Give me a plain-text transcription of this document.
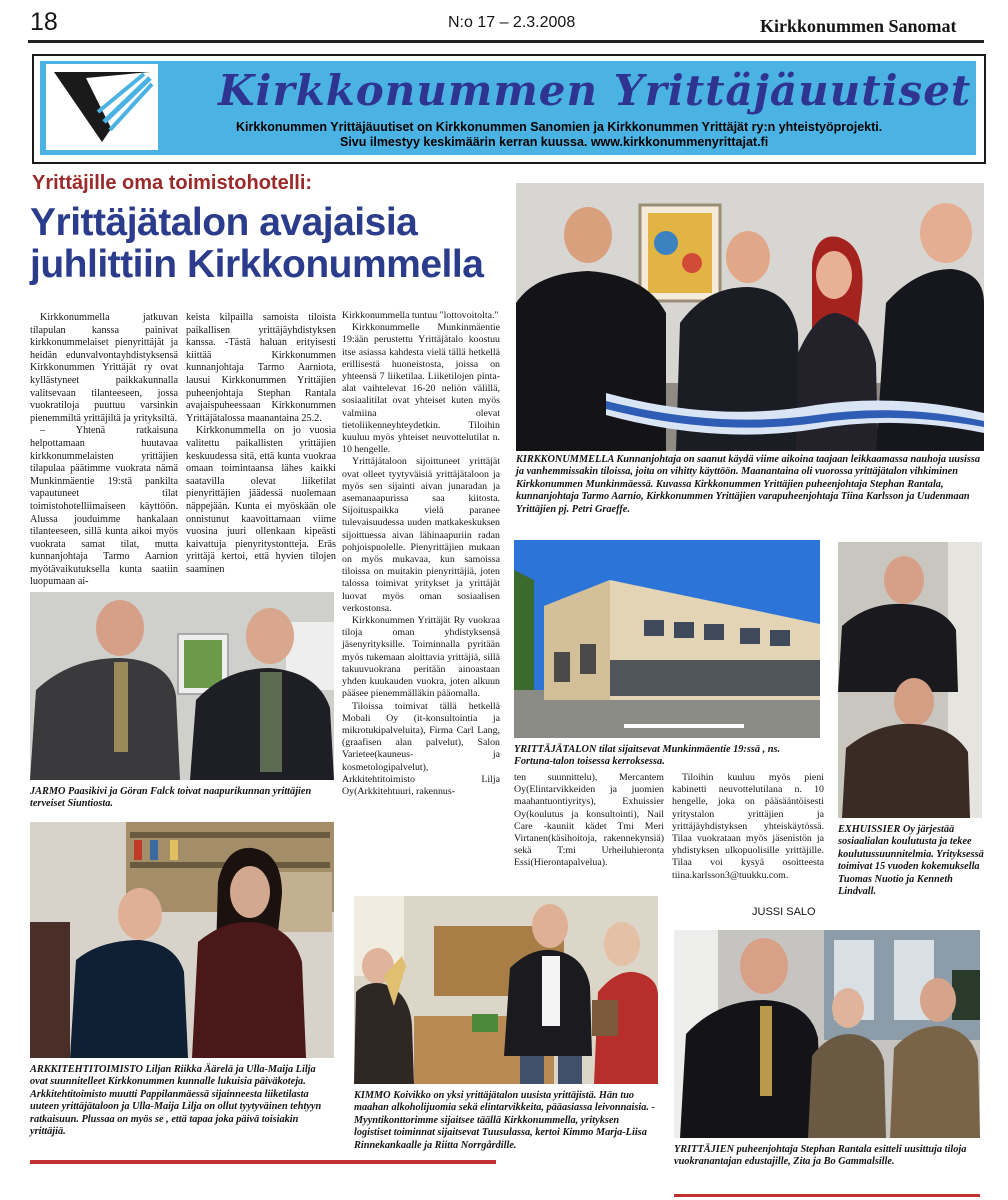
18	N:o 17 – 2.3.2008	Kirkkonummen Sanomat
Kirkkonummen Yrittäjäuutiset
Kirkkonummen Yrittäjäuutiset on Kirkkonummen Sanomien ja Kirkkonummen Yrittäjät ry:n yhteistyöprojekti.
Sivu ilmestyy keskimäärin kerran kuussa. www.kirkkonummenyrittajat.fi
Yrittäjille oma toimistohotelli:
Yrittäjätalon avajaisia
juhlittiin Kirkkonummella

Kirkkonummella jatkuvan tilapulan kanssa painivat kirkkonummelaiset pienyrittäjät ja heidän edunvalvontayhdistyksensä Kirkkonummen Yrittäjät ry ovat kyllästyneet paikkakunnalla valitsevaan tilanteeseen, jossa vuokratiloja puuttuu varsinkin pienemmiltä yrittäjiltä ja yrityksiltä.

– Yhtenä ratkaisuna helpottamaan huutavaa kirkkonummelaisten yrittäjien tilapulaa päätimme vuokrata nämä Munkinmäentie 19:stä pankilta vapautuneet tilat toimistohotelliimaiseen käyttöön. Alussa jouduimme hankalaan tilanteeseen, sillä kunta aikoi myös vuokrata samat tilat, mutta kunnanjohtaja Tarmo Aarnion myötävaikutuksella kunta saatiin luopumaan ai-

keista kilpailla samoista tiloista paikallisen yrittäjäyhdistyksen kanssa. -Tästä haluan erityisesti kiittää Kirkkonummen kunnanjohtaja Tarmo Aarniota, lausui Kirkkonummen Yrittäjien puheenjohtaja Stephan Rantala avajaispuheessaan Kirkkonummen Yrittäjätalossa maanantaina 25.2.

Kirkkonummella on jo vuosia valitettu paikallisten yrittäjien keskuudessa sitä, että kunta vuokraa omaan toimintaansa lähes kaikki saatavilla olevat liiketilat pienyrittäjien jäädessä nuolemaan näppejään. Kunta ei myöskään ole onnistunut kaavoittamaan viime vuosina juuri ollenkaan kipeästi kaivattuja pienyritystontteja. Eräs yrittäjä kertoi, että hyvien tilojen saaminen

Kirkkonummella tuntuu "lottovoitolta."

Kirkkonummelle Munkinmäentie 19:ään perustettu Yrittäjätalo koostuu itse asiassa kahdesta vielä tällä hetkellä erillisestä huoneistosta, joissa on yhteensä 7 liiketilaa. Liiketilojen pinta-alat vaihtelevat 16-20 neliön välillä, sosiaalitilat ovat yhteiset kuten myös valmiina olevat tietoliikenneyhteydetkin. Tiloihin kuuluu myös yhteiset neuvottelutilat n. 10 hengelle.

Yrittäjätaloon sijoittuneet yrittäjät ovat olleet tyytyväisiä yrittäjätaloon ja myös sen sijainti aivan junaradan ja asemanaapurissa saa kiitosta. Sijoituspaikka vielä paranee tulevaisuudessa uuden matkakeskuksen sijoittuessa aivan lähinaapuriin radan pohjoispuolelle. Pienyrittäjien mukaan on myös mukavaa, kun samoissa tiloissa on muitakin pienyrittäjiä, joten talossa toimivat yritykset ja yrittäjät luovat myös oman sosiaalisen verkostonsa.

Kirkkonummen Yrittäjät Ry vuokraa tiloja oman yhdistyksensä jäsenyrityksille. Toiminnalla pyritään myös tukemaan aloittavia yrittäjiä, sillä takuuvuokrana peritään ainoastaan yhden kuukauden vuokra, joten alkuun pääsee pienemmälläkin pääomalla.

Tiloissa toimivat tällä hetkellä Mobali Oy (it-konsultointia ja mikrotukipalveluita), Firma Carl Lang, (graafisen alan palvelut), Salon Varietee(kauneus- ja kosmetologipalvelut), Arkkitehtitoimisto Lilja Oy(Arkkitehtuuri, rakennus-

KIRKKONUMMELLA Kunnanjohtaja on saanut käydä viime aikoina taajaan leikkaamassa nauhoja uusissa ja vanhemmissakin tiloissa, joita on vihitty käyttöön. Maanantaina oli vuorossa yrittäjätalon vihkiminen Kirkkonummen Munkinmäessä. Kuvassa Kirkkonummen Yrittäjien puheenjohtaja Stephan Rantala, kunnanjohtaja Tarmo Aarnio, Kirkkonummen Yrittäjien varapuheenjohtaja Tiina Karlsson ja Uudenmaan Yrittäjien pj. Petri Graeffe.
JARMO Paasikivi ja Göran Falck toivat naapurikunnan yrittäjien terveiset Siuntiosta.
YRITTÄJÄTALON tilat sijaitsevat Munkinmäentie 19:ssä , ns. Fortuna-talon toisessa kerroksessa.
EXHUISSIER Oy järjestää sosiaalialan koulutusta ja tekee koulutussuunnitelmia. Yrityksessä toimivat 15 vuoden kokemuksella Tuomas Nuotio ja Kenneth Lindvall.

ten suunnittelu), Mercantem Oy(Elintarvikkeiden ja juomien maahantuontiyritys), Exhuissier Oy(koulutus ja konsultointi), Nail Care -kauniit kädet Tmi Meri Virtanen(käsihoitoja, rakennekynsiä) sekä T:mi Urheiluhieronta Essi(Hierontapalvelua).

Tiloihin kuuluu myös pieni kabinetti neuvottelutilana n. 10 hengelle, joka on pääsääntöisesti yritystalon yrittäjien ja yrittäjäyhdistyksen yhteiskäytössä. Tilaa vuokrataan myös jäsenistön ja yhdistyksen ulkopuolisille yrittäjille. Tilaa voi kysyä osoitteesta tiina.karlsson3@tuukku.com.

JUSSI SALO
ARKKITEHTITOIMISTO Liljan Riikka Äärelä ja Ulla-Maija Lilja ovat suunnitelleet Kirkkonummen kunnalle lukuisia päiväkoteja. Arkkitehtitoimisto muutti Pappilanmäessä sijainneesta liiketilasta uuteen yrittäjätaloon ja Ulla-Maija Lilja on ollut tyytyväinen tehtyyn ratkaisuun. Plussaa on myös se , että tapaa joka päivä toisiakin yrittäjiä.
KIMMO Koivikko on yksi yrittäjätalon uusista yrittäjistä. Hän tuo maahan alkoholijuomia sekä elintarvikkeita, pääasiassa leivonnaisia. -Myyntikonttorimme sijaitsee täällä Kirkkonummella, yrityksen logistiset toiminnat sijaitsevat Tuusulassa, kertoi Kimmo Marja-Liisa Rinnekankaalle ja Riitta Norrgårdille.	YRITTÄJIEN puheenjohtaja Stephan Rantala esitteli uusittuja tiloja vuokranantajan edustajille, Zita ja Bo Gammalsille.
